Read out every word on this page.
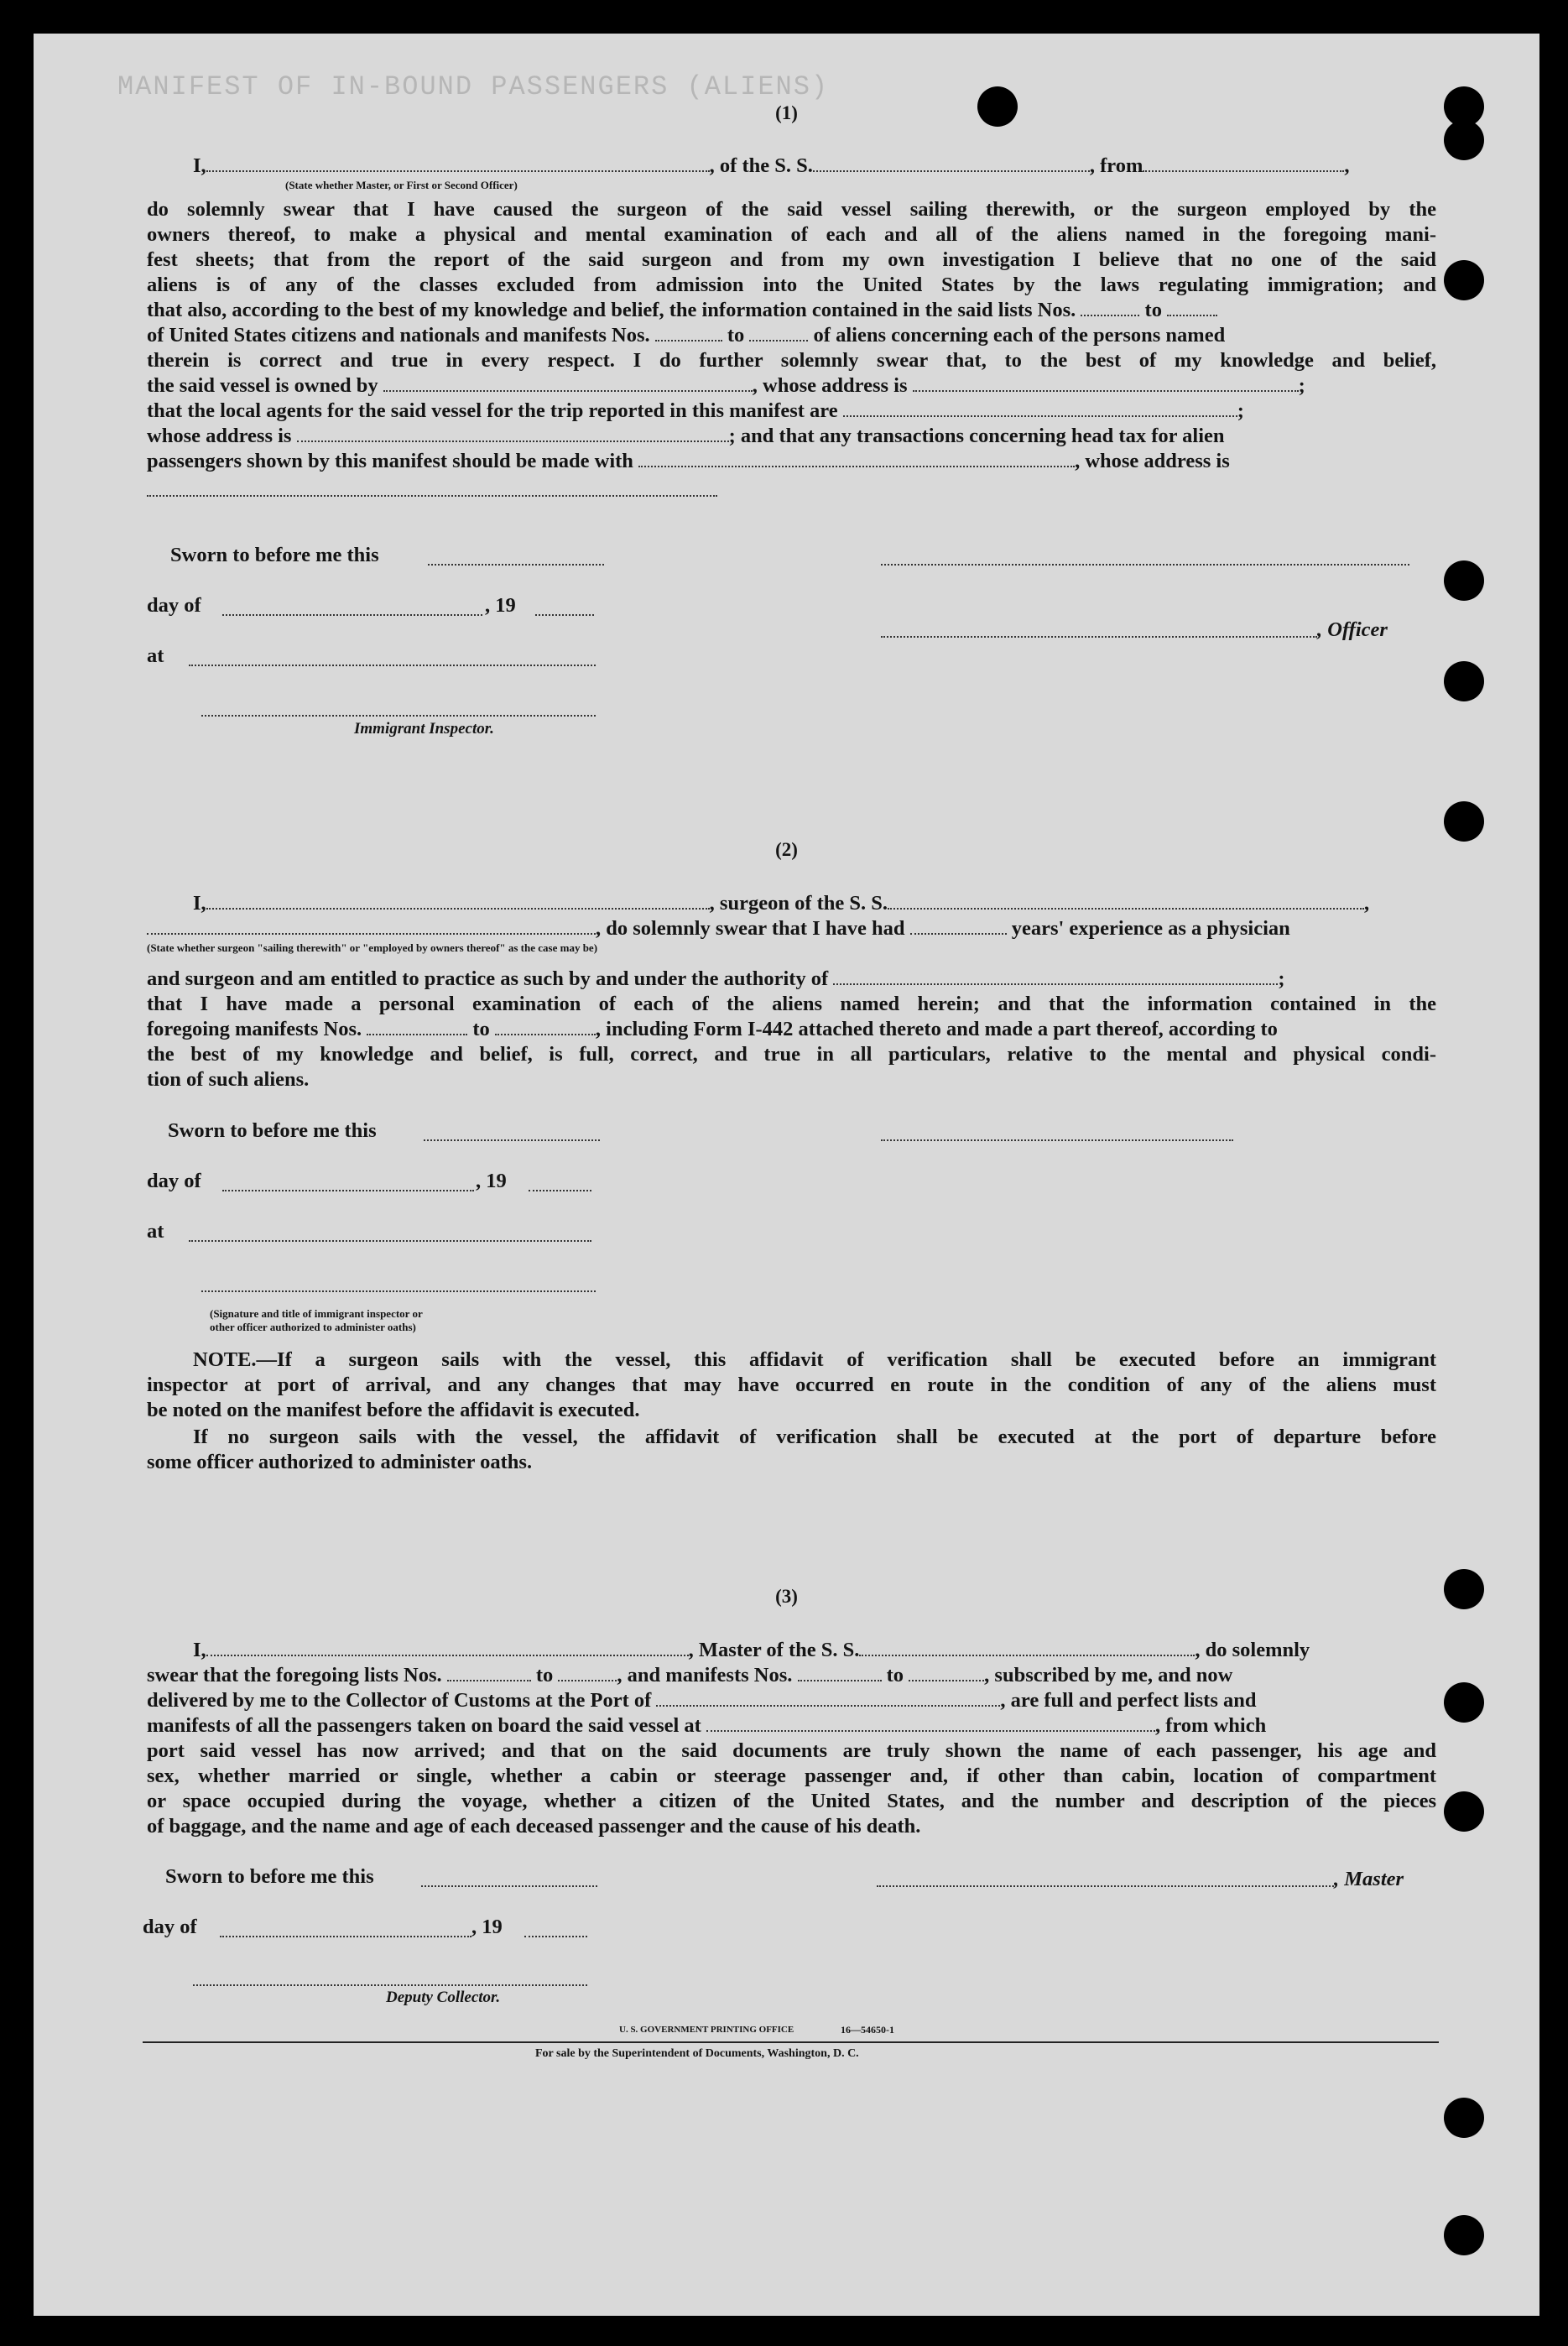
MANIFEST OF IN-BOUND PASSENGERS (ALIENS)
(1)
I,	, of the S. S.	, from	,
(State whether Master, or First or Second Officer)
do solemnly swear that I have caused the surgeon of the said vessel sailing therewith, or the surgeon employed by the
owners thereof, to make a physical and mental examination of each and all of the aliens named in the foregoing mani-
fest sheets; that from the report of the said surgeon and from my own investigation I believe that no one of the said
aliens is of any of the classes excluded from admission into the United States by the laws regulating immigration; and
that also, according to the best of my knowledge and belief, the information contained in the said lists Nos.	to
of United States citizens and nationals and manifests Nos.	to	of aliens concerning each of the persons named
therein is correct and true in every respect. I do further solemnly swear that, to the best of my knowledge and belief,
the said vessel is owned by	, whose address is	;
that the local agents for the said vessel for the trip reported in this manifest are	;
whose address is	; and that any transactions concerning head tax for alien
passengers shown by this manifest should be made with	, whose address is
Sworn to before me this
day of	, 19
, Officer
at
Immigrant Inspector.
(2)
I,	, surgeon of the S. S.	,
, do solemnly swear that I have had	years' experience as a physician
(State whether surgeon "sailing therewith" or "employed by owners thereof" as the case may be)
and surgeon and am entitled to practice as such by and under the authority of	;
that I have made a personal examination of each of the aliens named herein; and that the information contained in the
foregoing manifests Nos.	to	, including Form I-442 attached thereto and made a part thereof, according to
the best of my knowledge and belief, is full, correct, and true in all particulars, relative to the mental and physical condi-
tion of such aliens.
Sworn to before me this
day of	, 19
at
(Signature and title of immigrant inspector or
other officer authorized to administer oaths)
NOTE.—If a surgeon sails with the vessel, this affidavit of verification shall be executed before an immigrant
inspector at port of arrival, and any changes that may have occurred en route in the condition of any of the aliens must
be noted on the manifest before the affidavit is executed.
If no surgeon sails with the vessel, the affidavit of verification shall be executed at the port of departure before
some officer authorized to administer oaths.
(3)
I,	, Master of the S. S.	, do solemnly
swear that the foregoing lists Nos.	to	, and manifests Nos.	to	, subscribed by me, and now
delivered by me to the Collector of Customs at the Port of	, are full and perfect lists and
manifests of all the passengers taken on board the said vessel at	, from which
port said vessel has now arrived; and that on the said documents are truly shown the name of each passenger, his age and
sex, whether married or single, whether a cabin or steerage passenger and, if other than cabin, location of compartment
or space occupied during the voyage, whether a citizen of the United States, and the number and description of the pieces
of baggage, and the name and age of each deceased passenger and the cause of his death.
Sworn to before me this	, Master
day of	, 19
Deputy Collector.
U. S. GOVERNMENT PRINTING OFFICE	16—54650-1
For sale by the Superintendent of Documents, Washington, D. C.
